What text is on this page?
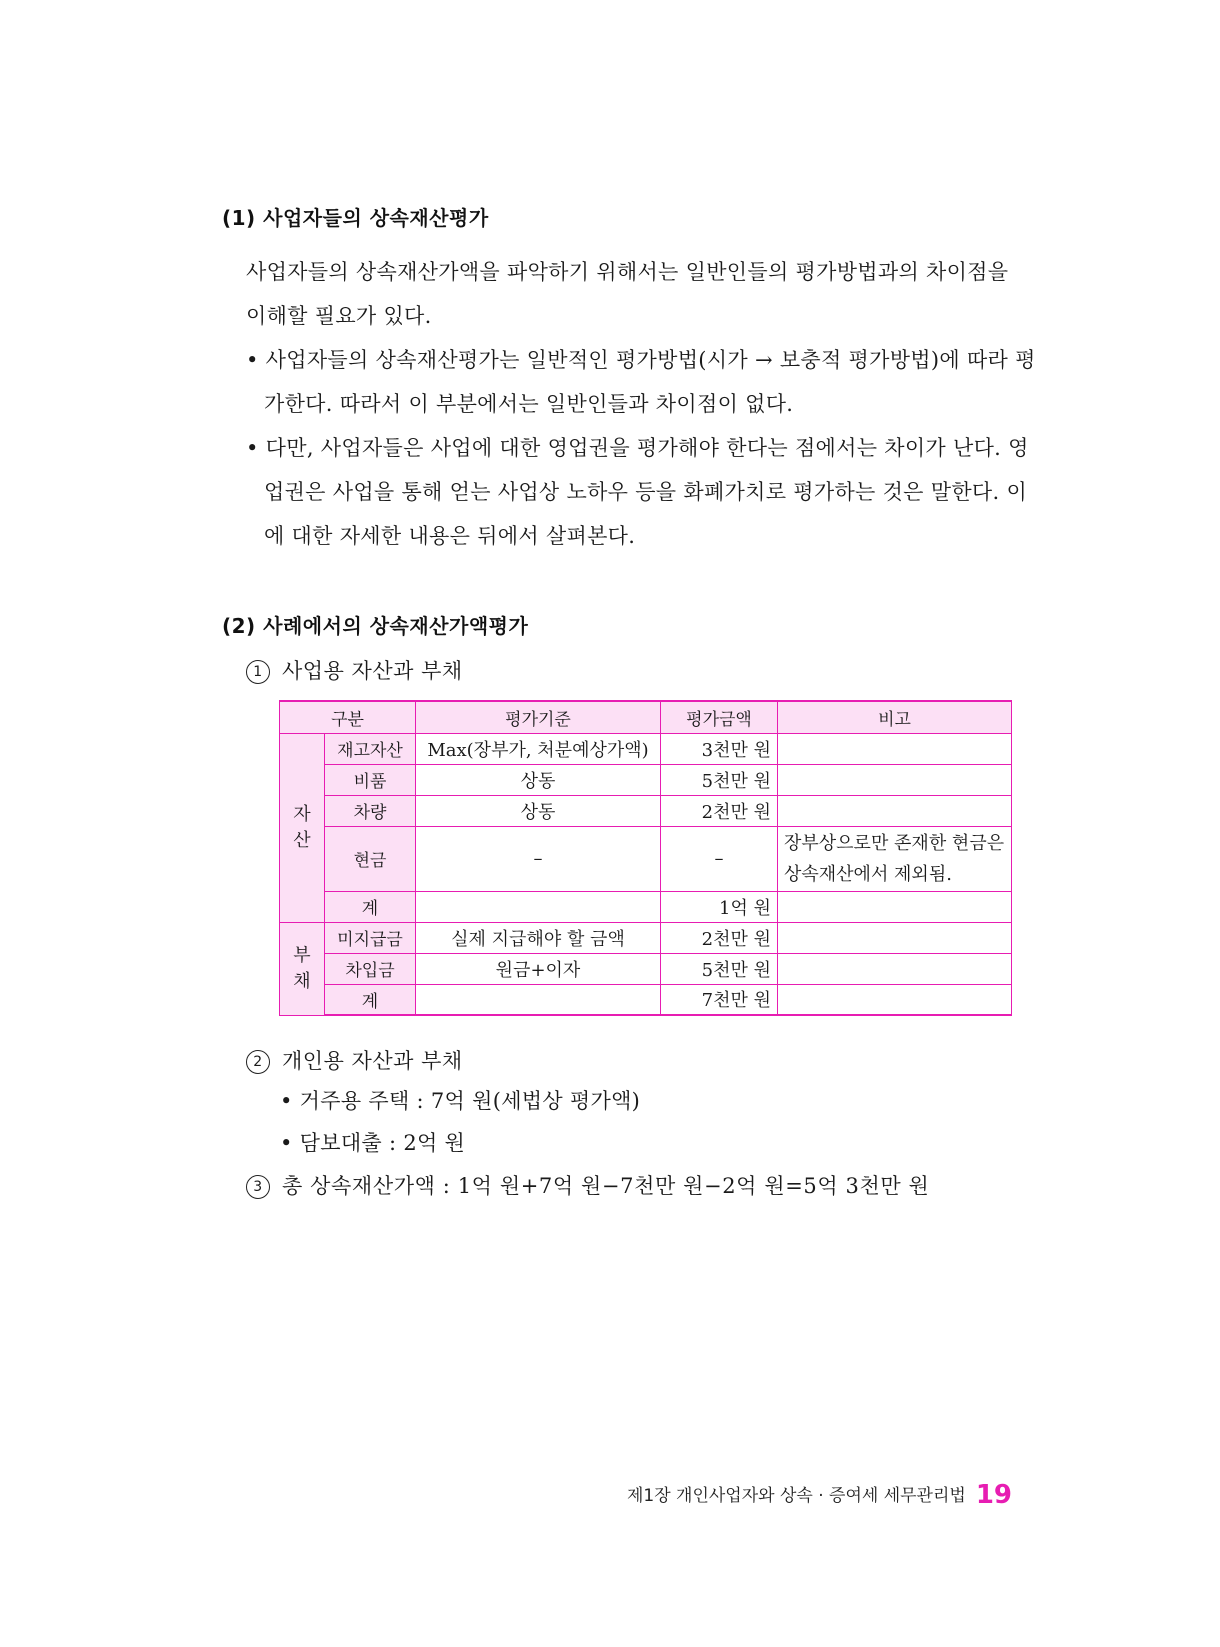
(1) 사업자들의 상속재산평가
사업자들의 상속재산가액을 파악하기 위해서는 일반인들의 평가방법과의 차이점을 이해할 필요가 있다.
• 사업자들의 상속재산평가는 일반적인 평가방법(시가 → 보충적 평가방법)에 따라 평가한다. 따라서 이 부분에서는 일반인들과 차이점이 없다.
• 다만, 사업자들은 사업에 대한 영업권을 평가해야 한다는 점에서는 차이가 난다. 영업권은 사업을 통해 얻는 사업상 노하우 등을 화폐가치로 평가하는 것은 말한다. 이에 대한 자세한 내용은 뒤에서 살펴본다.
(2) 사례에서의 상속재산가액평가
1 사업용 자산과 부채
구분		평가기준	평가금액	비고
자
산	재고자산	Max(장부가, 처분예상가액)	3천만 원	
	비품	상동	5천만 원	
	차량	상동	2천만 원	
	현금	–	–	장부상으로만 존재한 현금은 상속재산에서 제외됨.
	계		1억 원	
부
채	미지급금	실제 지급해야 할 금액	2천만 원	
	차입금	원금+이자	5천만 원	
	계		7천만 원	
2 개인용 자산과 부채
• 거주용 주택 : 7억 원(세법상 평가액)
• 담보대출 : 2억 원
3 총 상속재산가액 : 1억 원+7억 원−7천만 원−2억 원=5억 3천만 원
제1장 개인사업자와 상속 · 증여세 세무관리법 19
